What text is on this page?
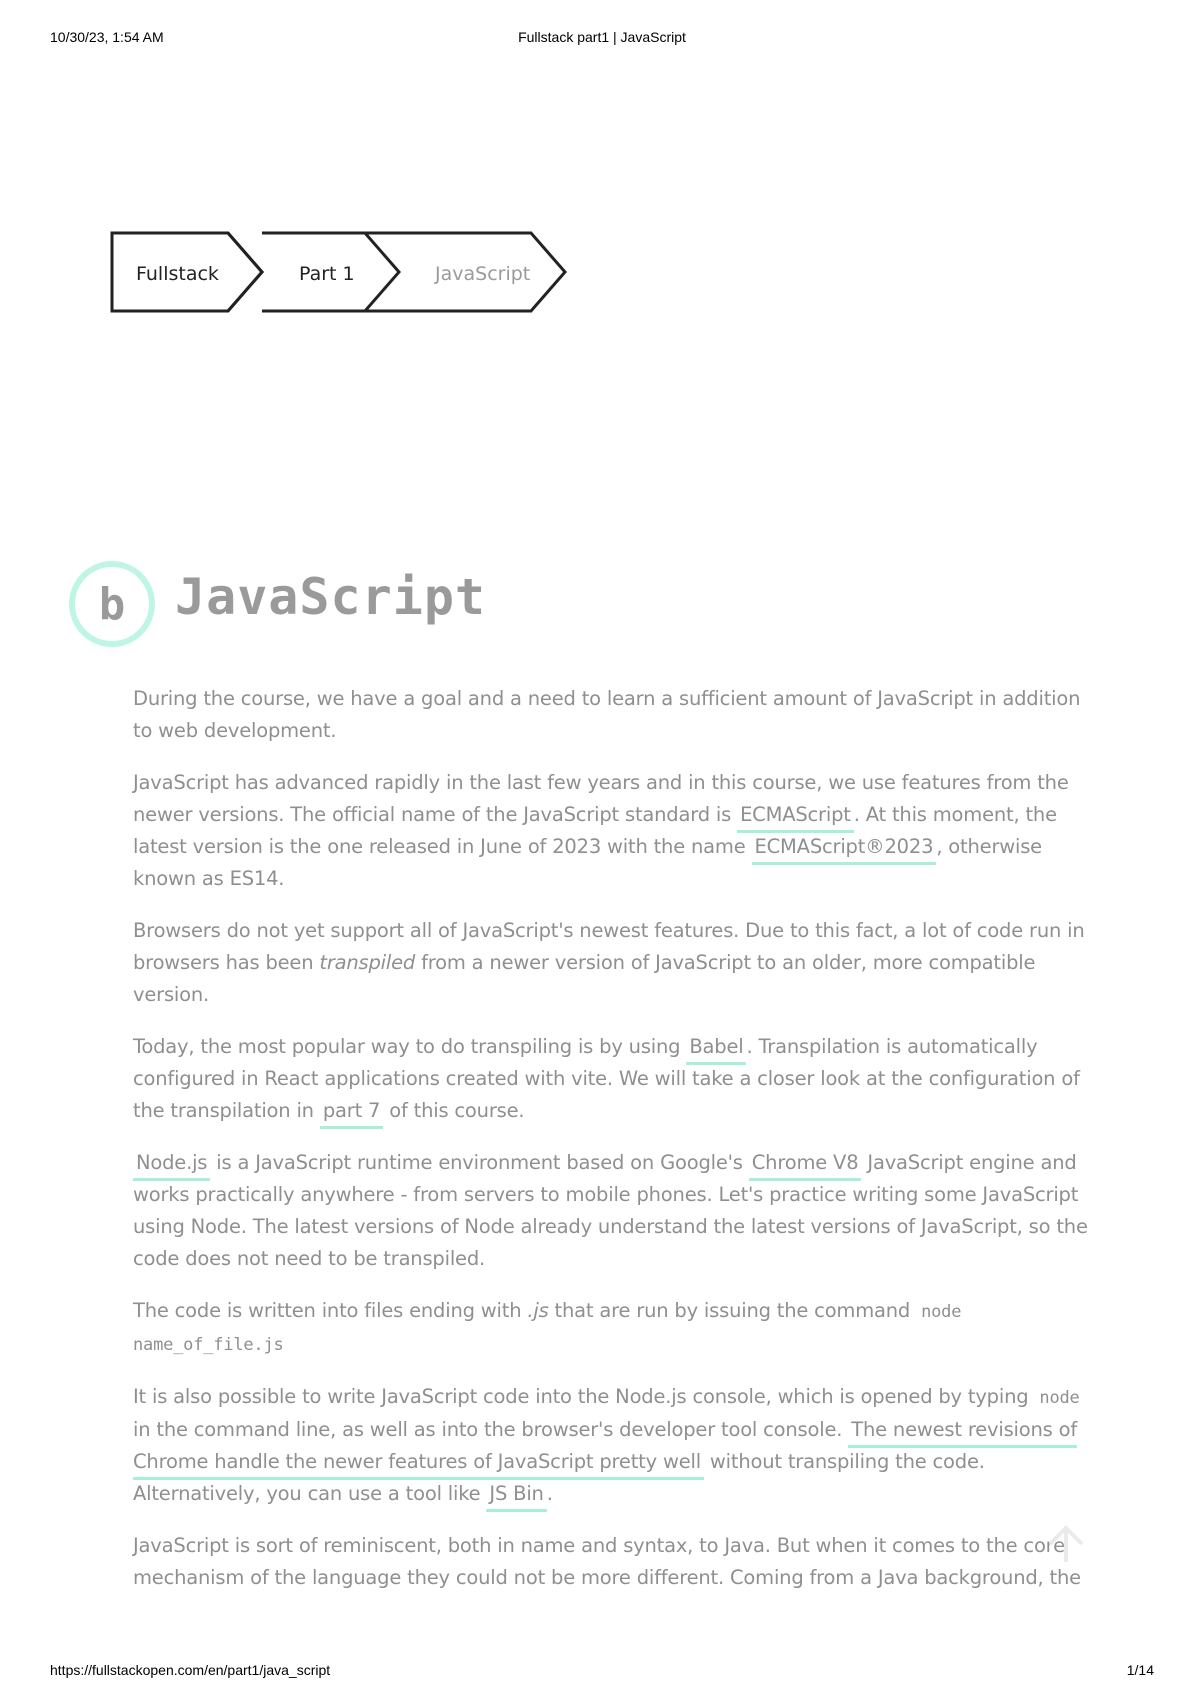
10/30/23, 1:54 AM	Fullstack part1 | JavaScript
Fullstack	Part 1	JavaScript
b JavaScript

During the course, we have a goal and a need to learn a sufficient amount of JavaScript in addition to web development.

JavaScript has advanced rapidly in the last few years and in this course, we use features from the newer versions. The official name of the JavaScript standard is ECMAScript . At this moment, the latest version is the one released in June of 2023 with the name ECMAScript®2023 , otherwise known as ES14.

Browsers do not yet support all of JavaScript's newest features. Due to this fact, a lot of code run in browsers has been transpiled from a newer version of JavaScript to an older, more compatible version.

Today, the most popular way to do transpiling is by using Babel . Transpilation is automatically configured in React applications created with vite. We will take a closer look at the configuration of the transpilation in part 7 of this course.

Node.js is a JavaScript runtime environment based on Google's Chrome V8 JavaScript engine and works practically anywhere - from servers to mobile phones. Let's practice writing some JavaScript using Node. The latest versions of Node already understand the latest versions of JavaScript, so the code does not need to be transpiled.

The code is written into files ending with .js that are run by issuing the command node name_of_file.js

It is also possible to write JavaScript code into the Node.js console, which is opened by typing node in the command line, as well as into the browser's developer tool console. The newest revisions of Chrome handle the newer features of JavaScript pretty well without transpiling the code. Alternatively, you can use a tool like JS Bin .

JavaScript is sort of reminiscent, both in name and syntax, to Java. But when it comes to the core mechanism of the language they could not be more different. Coming from a Java background, the

https://fullstackopen.com/en/part1/java_script	1/14
